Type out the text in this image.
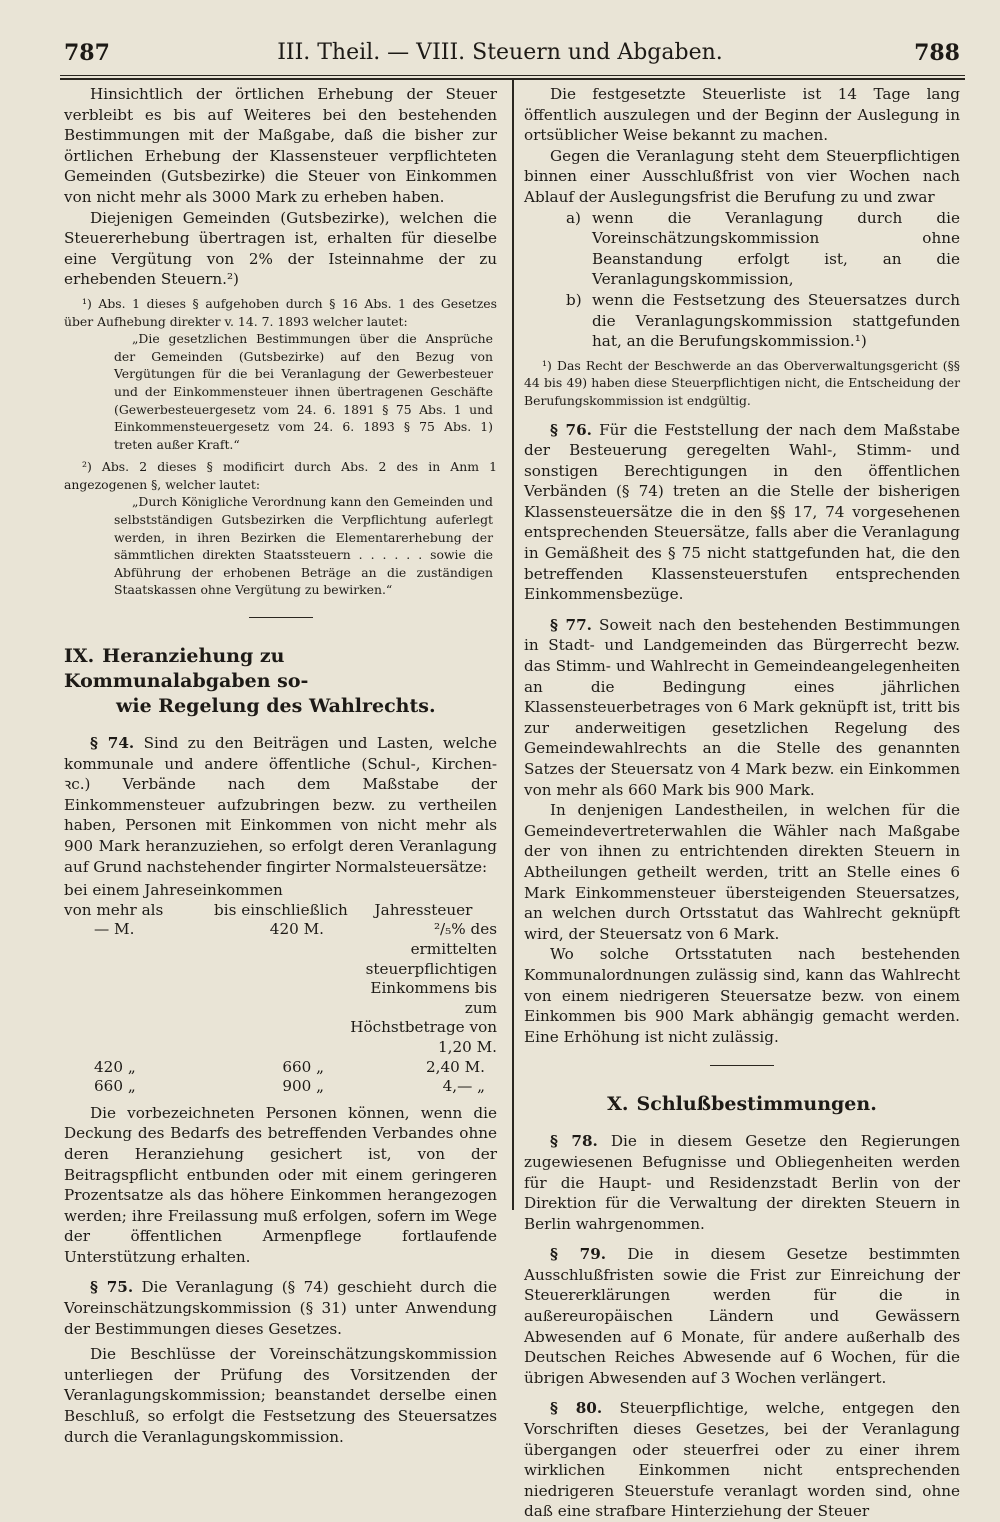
787	III. Theil. — VIII. Steuern und Abgaben.	788

Hinsichtlich der örtlichen Erhebung der Steuer verbleibt es bis auf Weiteres bei den bestehenden Bestimmungen mit der Maßgabe, daß die bisher zur örtlichen Erhebung der Klassensteuer verpflichteten Gemeinden (Gutsbezirke) die Steuer von Einkommen von nicht mehr als 3000 Mark zu erheben haben.

Diejenigen Gemeinden (Gutsbezirke), welchen die Steuererhebung übertragen ist, erhalten für dieselbe eine Vergütung von 2% der Isteinnahme der zu erhebenden Steuern.²)

¹) Abs. 1 dieses § aufgehoben durch § 16 Abs. 1 des Gesetzes über Aufhebung direkter v. 14. 7. 1893 welcher lautet:

„Die gesetzlichen Bestimmungen über die Ansprüche der Gemeinden (Gutsbezirke) auf den Bezug von Vergütungen für die bei Veranlagung der Gewerbesteuer und der Einkommensteuer ihnen übertragenen Geschäfte (Gewerbesteuergesetz vom 24. 6. 1891 § 75 Abs. 1 und Einkommensteuergesetz vom 24. 6. 1893 § 75 Abs. 1) treten außer Kraft.“

²) Abs. 2 dieses § modificirt durch Abs. 2 des in Anm 1 angezogenen §, welcher lautet:

„Durch Königliche Verordnung kann den Gemeinden und selbstständigen Gutsbezirken die Verpflichtung auferlegt werden, in ihren Bezirken die Elementarerhebung der sämmtlichen direkten Staatssteuern . . . . . . sowie die Abführung der erhobenen Beträge an die zuständigen Staatskassen ohne Vergütung zu bewirken.“

IX. Heranziehung zu Kommunalabgaben so-
wie Regelung des Wahlrechts.

§ 74. Sind zu den Beiträgen und Lasten, welche kommunale und andere öffentliche (Schul-, Kirchen- ꝛc.) Verbände nach dem Maßstabe der Einkommensteuer aufzubringen bezw. zu vertheilen haben, Personen mit Einkommen von nicht mehr als 900 Mark heranzuziehen, so erfolgt deren Veranlagung auf Grund nachstehender fingirter Normalsteuersätze:

bei einem Jahreseinkommen		
von mehr als	bis einschließlich	Jahressteuer
— M.	420 M.	²/₅% des ermittelten steuerpflichtigen Einkommens bis zum Höchstbetrage von 1,20 M.
420 „	660 „	2,40 M.
660 „	900 „	4,— „

Die vorbezeichneten Personen können, wenn die Deckung des Bedarfs des betreffenden Verbandes ohne deren Heranziehung gesichert ist, von der Beitragspflicht entbunden oder mit einem geringeren Prozentsatze als das höhere Einkommen herangezogen werden; ihre Freilassung muß erfolgen, sofern im Wege der öffentlichen Armenpflege fortlaufende Unterstützung erhalten.

§ 75. Die Veranlagung (§ 74) geschieht durch die Voreinschätzungskommission (§ 31) unter Anwendung der Bestimmungen dieses Gesetzes.

Die Beschlüsse der Voreinschätzungskommission unterliegen der Prüfung des Vorsitzenden der Veranlagungskommission; beanstandet derselbe einen Beschluß, so erfolgt die Festsetzung des Steuersatzes durch die Veranlagungskommission.

Die festgesetzte Steuerliste ist 14 Tage lang öffentlich auszulegen und der Beginn der Auslegung in ortsüblicher Weise bekannt zu machen.

Gegen die Veranlagung steht dem Steuerpflichtigen binnen einer Ausschlußfrist von vier Wochen nach Ablauf der Auslegungsfrist die Berufung zu und zwar

a) wenn die Veranlagung durch die Voreinschätzungskommission ohne Beanstandung erfolgt ist, an die Veranlagungskommission,

b) wenn die Festsetzung des Steuersatzes durch die Veranlagungskommission stattgefunden hat, an die Berufungskommission.¹)

¹) Das Recht der Beschwerde an das Oberverwaltungsgericht (§§ 44 bis 49) haben diese Steuerpflichtigen nicht, die Entscheidung der Berufungskommission ist endgültig.

§ 76. Für die Feststellung der nach dem Maßstabe der Besteuerung geregelten Wahl-, Stimm- und sonstigen Berechtigungen in den öffentlichen Verbänden (§ 74) treten an die Stelle der bisherigen Klassensteuersätze die in den §§ 17, 74 vorgesehenen entsprechenden Steuersätze, falls aber die Veranlagung in Gemäßheit des § 75 nicht stattgefunden hat, die den betreffenden Klassensteuerstufen entsprechenden Einkommensbezüge.

§ 77. Soweit nach den bestehenden Bestimmungen in Stadt- und Landgemeinden das Bürgerrecht bezw. das Stimm- und Wahlrecht in Gemeindeangelegenheiten an die Bedingung eines jährlichen Klassensteuerbetrages von 6 Mark geknüpft ist, tritt bis zur anderweitigen gesetzlichen Regelung des Gemeindewahlrechts an die Stelle des genannten Satzes der Steuersatz von 4 Mark bezw. ein Einkommen von mehr als 660 Mark bis 900 Mark.

In denjenigen Landestheilen, in welchen für die Gemeindevertreterwahlen die Wähler nach Maßgabe der von ihnen zu entrichtenden direkten Steuern in Abtheilungen getheilt werden, tritt an Stelle eines 6 Mark Einkommensteuer übersteigenden Steuersatzes, an welchen durch Ortsstatut das Wahlrecht geknüpft wird, der Steuersatz von 6 Mark.

Wo solche Ortsstatuten nach bestehenden Kommunalordnungen zulässig sind, kann das Wahlrecht von einem niedrigeren Steuersatze bezw. von einem Einkommen bis 900 Mark abhängig gemacht werden. Eine Erhöhung ist nicht zulässig.

X. Schlußbestimmungen.

§ 78. Die in diesem Gesetze den Regierungen zugewiesenen Befugnisse und Obliegenheiten werden für die Haupt- und Residenzstadt Berlin von der Direktion für die Verwaltung der direkten Steuern in Berlin wahrgenommen.

§ 79. Die in diesem Gesetze bestimmten Ausschlußfristen sowie die Frist zur Einreichung der Steuererklärungen werden für die in außereuropäischen Ländern und Gewässern Abwesenden auf 6 Monate, für andere außerhalb des Deutschen Reiches Abwesende auf 6 Wochen, für die übrigen Abwesenden auf 3 Wochen verlängert.

§ 80. Steuerpflichtige, welche, entgegen den Vorschriften dieses Gesetzes, bei der Veranlagung übergangen oder steuerfrei oder zu einer ihrem wirklichen Einkommen nicht entsprechenden niedrigeren Steuerstufe veranlagt worden sind, ohne daß eine strafbare Hinterziehung der Steuer
